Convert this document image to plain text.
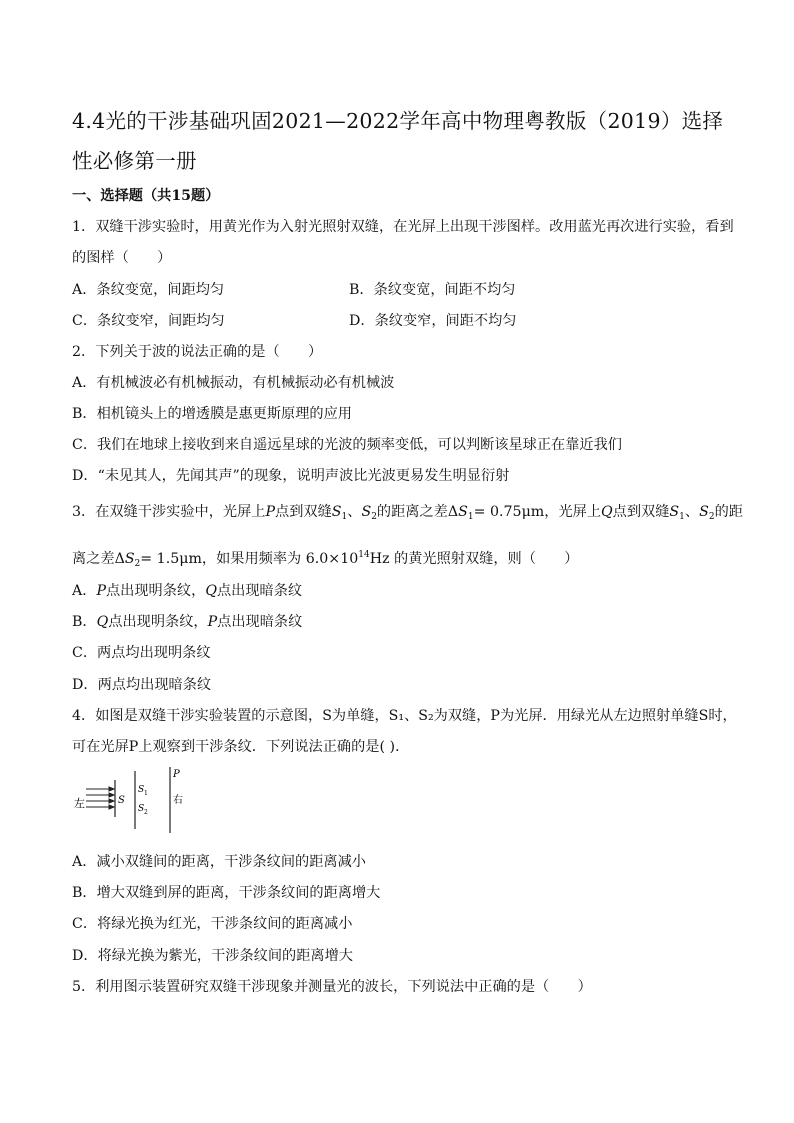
4.4光的干涉基础巩固2021—2022学年高中物理粤教版（2019）选择性必修第一册
一、选择题（共15题）
1．双缝干涉实验时，用黄光作为入射光照射双缝，在光屏上出现干涉图样。改用蓝光再次进行实验，看到
的图样（　　）
A．条纹变宽，间距均匀	B．条纹变宽，间距不均匀
C．条纹变窄，间距均匀	D．条纹变窄，间距不均匀
2．下列关于波的说法正确的是（　　）
A．有机械波必有机械振动，有机械振动必有机械波
B．相机镜头上的增透膜是惠更斯原理的应用
C．我们在地球上接收到来自遥远星球的光波的频率变低，可以判断该星球正在靠近我们
D．“未见其人，先闻其声”的现象，说明声波比光波更易发生明显衍射
3．在双缝干涉实验中，光屏上P点到双缝$S_1$、$S_2$的距离之差$\Delta S_1= 0.75\mu m$，光屏上Q点到双缝$S_1$、$S_2$的距
离之差$\Delta S_2= 1.5\mu m$，如果用频率为 $6.0\times 10^{14}Hz$ 的黄光照射双缝，则（　　）
A．P点出现明条纹，Q点出现暗条纹
B．Q点出现明条纹，P点出现暗条纹
C．两点均出现明条纹
D．两点均出现暗条纹
4．如图是双缝干涉实验装置的示意图，S为单缝，S₁、S₂为双缝，P为光屏．用绿光从左边照射单缝S时，
可在光屏P上观察到干涉条纹．下列说法正确的是( )．
左	S
S 1
S 2
P
右
A．减小双缝间的距离，干涉条纹间的距离减小
B．增大双缝到屏的距离，干涉条纹间的距离增大
C．将绿光换为红光，干涉条纹间的距离减小
D．将绿光换为紫光，干涉条纹间的距离增大
5．利用图示装置研究双缝干涉现象并测量光的波长，下列说法中正确的是（　　）
